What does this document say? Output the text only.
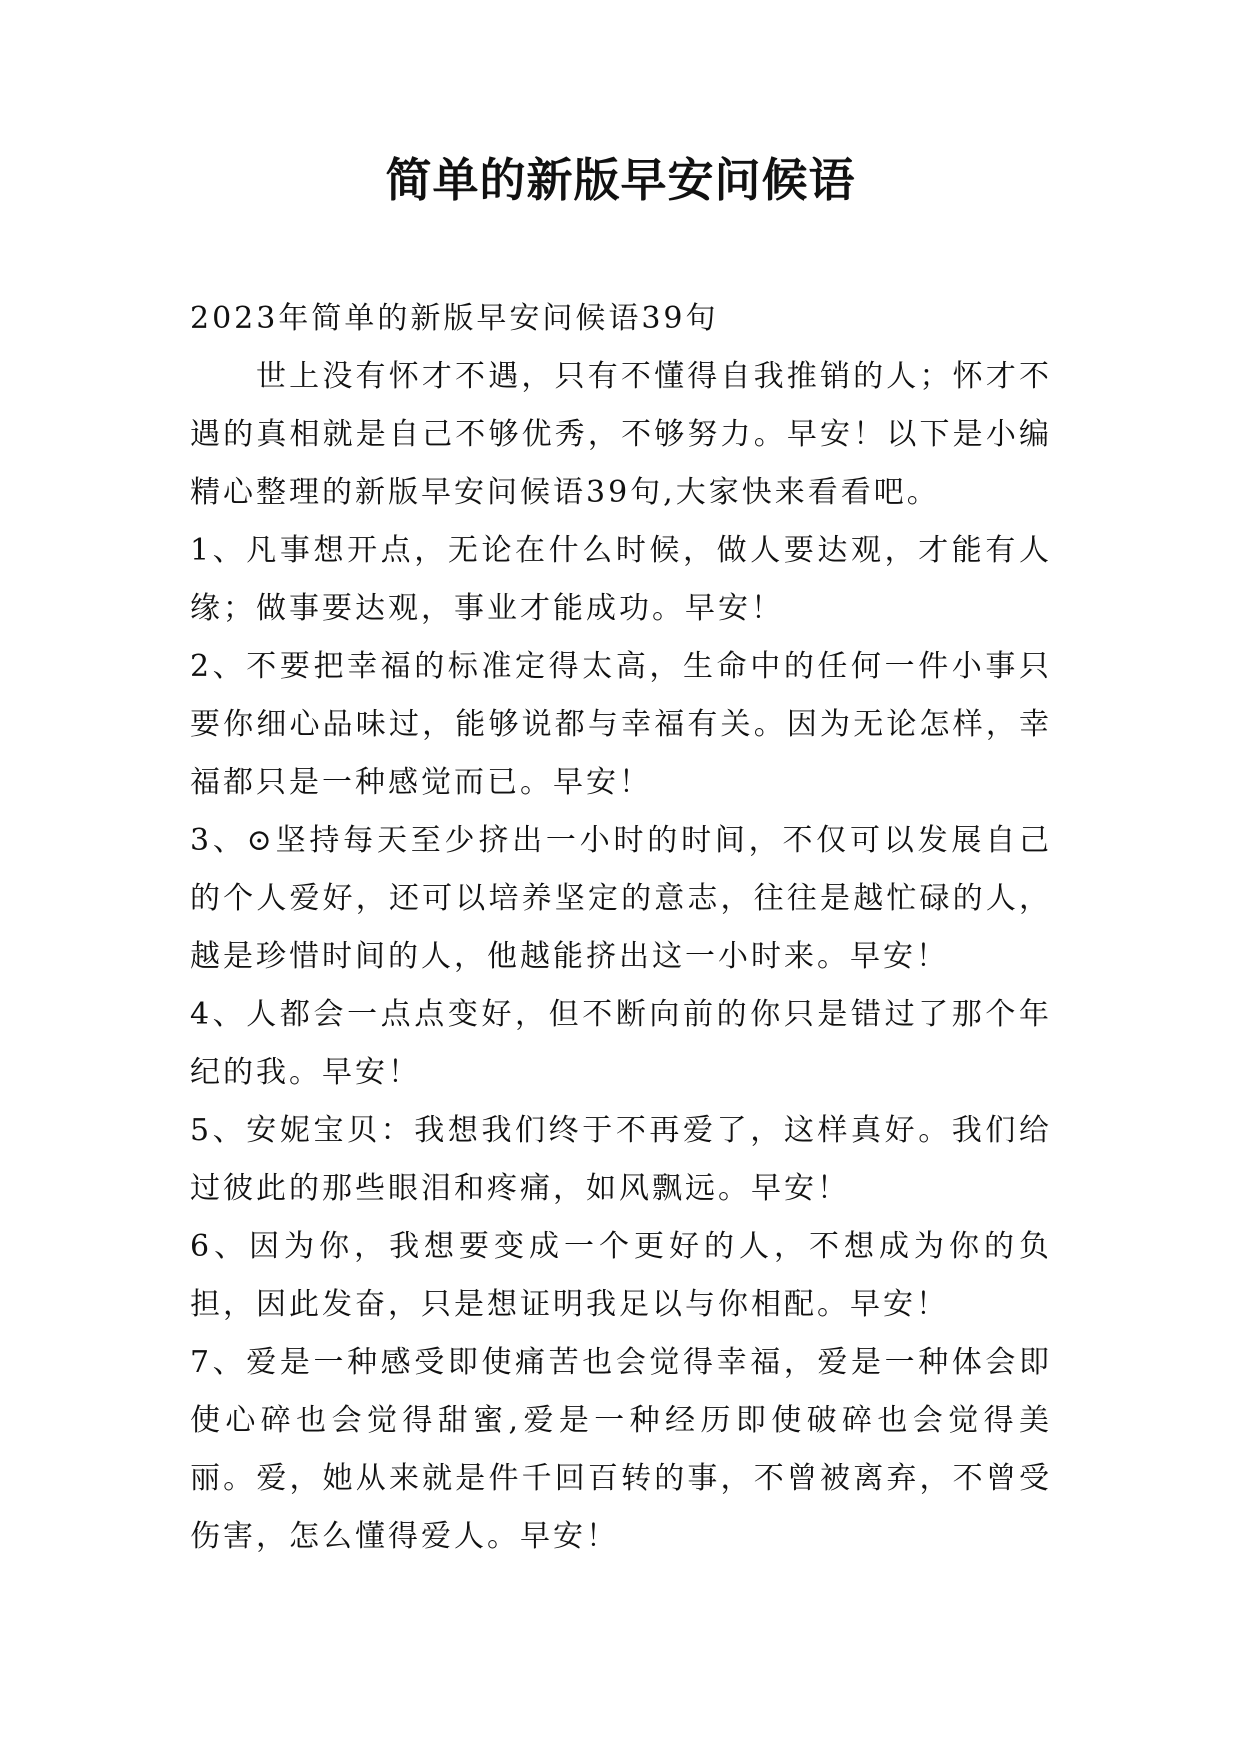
简单的新版早安问候语

2023年简单的新版早安问候语39句

世上没有怀才不遇，只有不懂得自我推销的人；怀才不遇的真相就是自己不够优秀，不够努力。早安！以下是小编精心整理的新版早安问候语39句,大家快来看看吧。

1、凡事想开点，无论在什么时候，做人要达观，才能有人缘；做事要达观，事业才能成功。早安！

2、不要把幸福的标准定得太高，生命中的任何一件小事只要你细心品味过，能够说都与幸福有关。因为无论怎样，幸福都只是一种感觉而已。早安！

3、⊙坚持每天至少挤出一小时的时间，不仅可以发展自己的个人爱好，还可以培养坚定的意志，往往是越忙碌的人，越是珍惜时间的人，他越能挤出这一小时来。早安！

4、人都会一点点变好，但不断向前的你只是错过了那个年纪的我。早安！

5、安妮宝贝：我想我们终于不再爱了，这样真好。我们给过彼此的那些眼泪和疼痛，如风飘远。早安！

6、因为你，我想要变成一个更好的人，不想成为你的负担，因此发奋，只是想证明我足以与你相配。早安！

7、爱是一种感受即使痛苦也会觉得幸福，爱是一种体会即使心碎也会觉得甜蜜,爱是一种经历即使破碎也会觉得美丽。爱，她从来就是件千回百转的事，不曾被离弃，不曾受伤害，怎么懂得爱人。早安！
